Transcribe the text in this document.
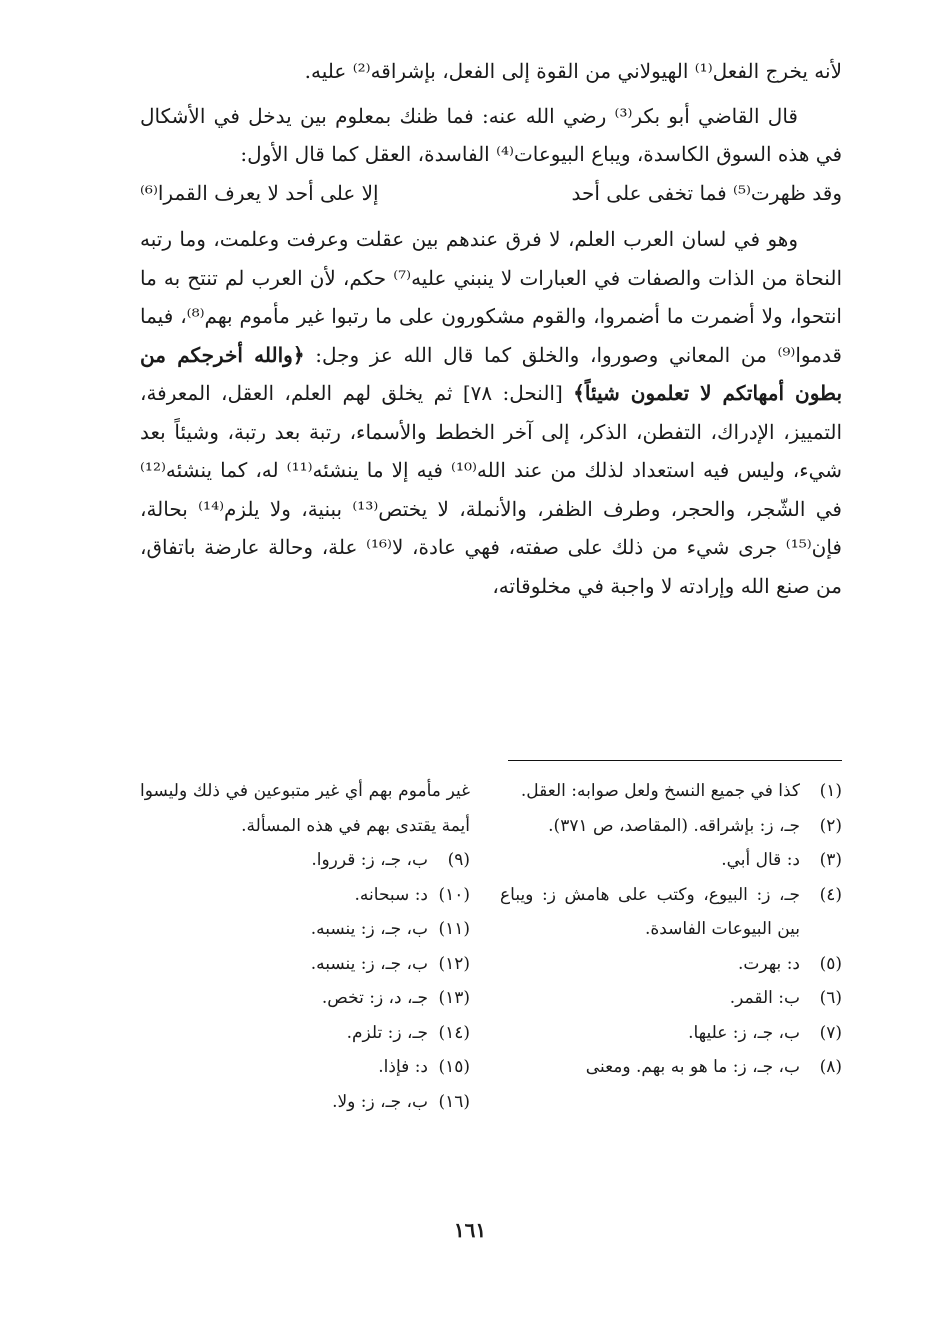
لأنه يخرج الفعل⁽¹⁾ الهيولاني من القوة إلى الفعل، بإشراقه⁽²⁾ عليه.

قال القاضي أبو بكر⁽³⁾ رضي الله عنه: فما ظنك بمعلوم بين يدخل في الأشكال في هذه السوق الكاسدة، ويباع البيوعات⁽⁴⁾ الفاسدة، العقل كما قال الأول:

وقد ظهرت⁽⁵⁾ فما تخفى على أحد
إلا على أحد لا يعرف القمرا⁽⁶⁾

وهو في لسان العرب العلم، لا فرق عندهم بين عقلت وعرفت وعلمت، وما رتبه النحاة من الذات والصفات في العبارات لا ينبني عليه⁽⁷⁾ حكم، لأن العرب لم تنتح به ما انتحوا، ولا أضمرت ما أضمروا، والقوم مشكورون على ما رتبوا غير مأموم بهم⁽⁸⁾، فيما قدموا⁽⁹⁾ من المعاني وصوروا، والخلق كما قال الله عز وجل: ﴿والله أخرجكم من بطون أمهاتكم لا تعلمون شيئاً﴾ [النحل: ٧٨] ثم يخلق لهم العلم، العقل، المعرفة، التمييز، الإدراك، التفطن، الذكر، إلى آخر الخطط والأسماء، رتبة بعد رتبة، وشيئاً بعد شيء، وليس فيه استعداد لذلك من عند الله⁽¹⁰⁾ فيه إلا ما ينشئه⁽¹¹⁾ له، كما ينشئه⁽¹²⁾ في الشّجر، والحجر، وطرف الظفر، والأنملة، لا يختص⁽¹³⁾ ببنية، ولا يلزم⁽¹⁴⁾ بحالة، فإن⁽¹⁵⁾ جرى شيء من ذلك على صفته، فهي عادة، لا⁽¹⁶⁾ علة، وحالة عارضة باتفاق، من صنع الله وإرادته لا واجبة في مخلوقاته،

(١)
كذا في جميع النسخ ولعل صوابه: العقل.
(٢)
جـ، ز: بإشراقه. (المقاصد، ص ٣٧١).
(٣)
د: قال أبي.
(٤)
جـ، ز: البيوع، وكتب على هامش ز: ويباع بين البيوعات الفاسدة.
(٥)
د: بهرت.
(٦)
ب: القمر.
(٧)
ب، جـ، ز: عليها.
(٨)
ب، جـ، ز: ما هو به بهم. ومعنى
غير مأموم بهم أي غير متبوعين في ذلك وليسوا أيمة يقتدى بهم في هذه المسألة.
(٩)
ب، جـ، ز: قرروا.
(١٠)
د: سبحانه.
(١١)
ب، جـ، ز: ينسبه.
(١٢)
ب، جـ، ز: ينسبه.
(١٣)
جـ، د، ز: تخص.
(١٤)
جـ، ز: تلزم.
(١٥)
د: فإذا.
(١٦)
ب، جـ، ز: ولا.
١٦١
